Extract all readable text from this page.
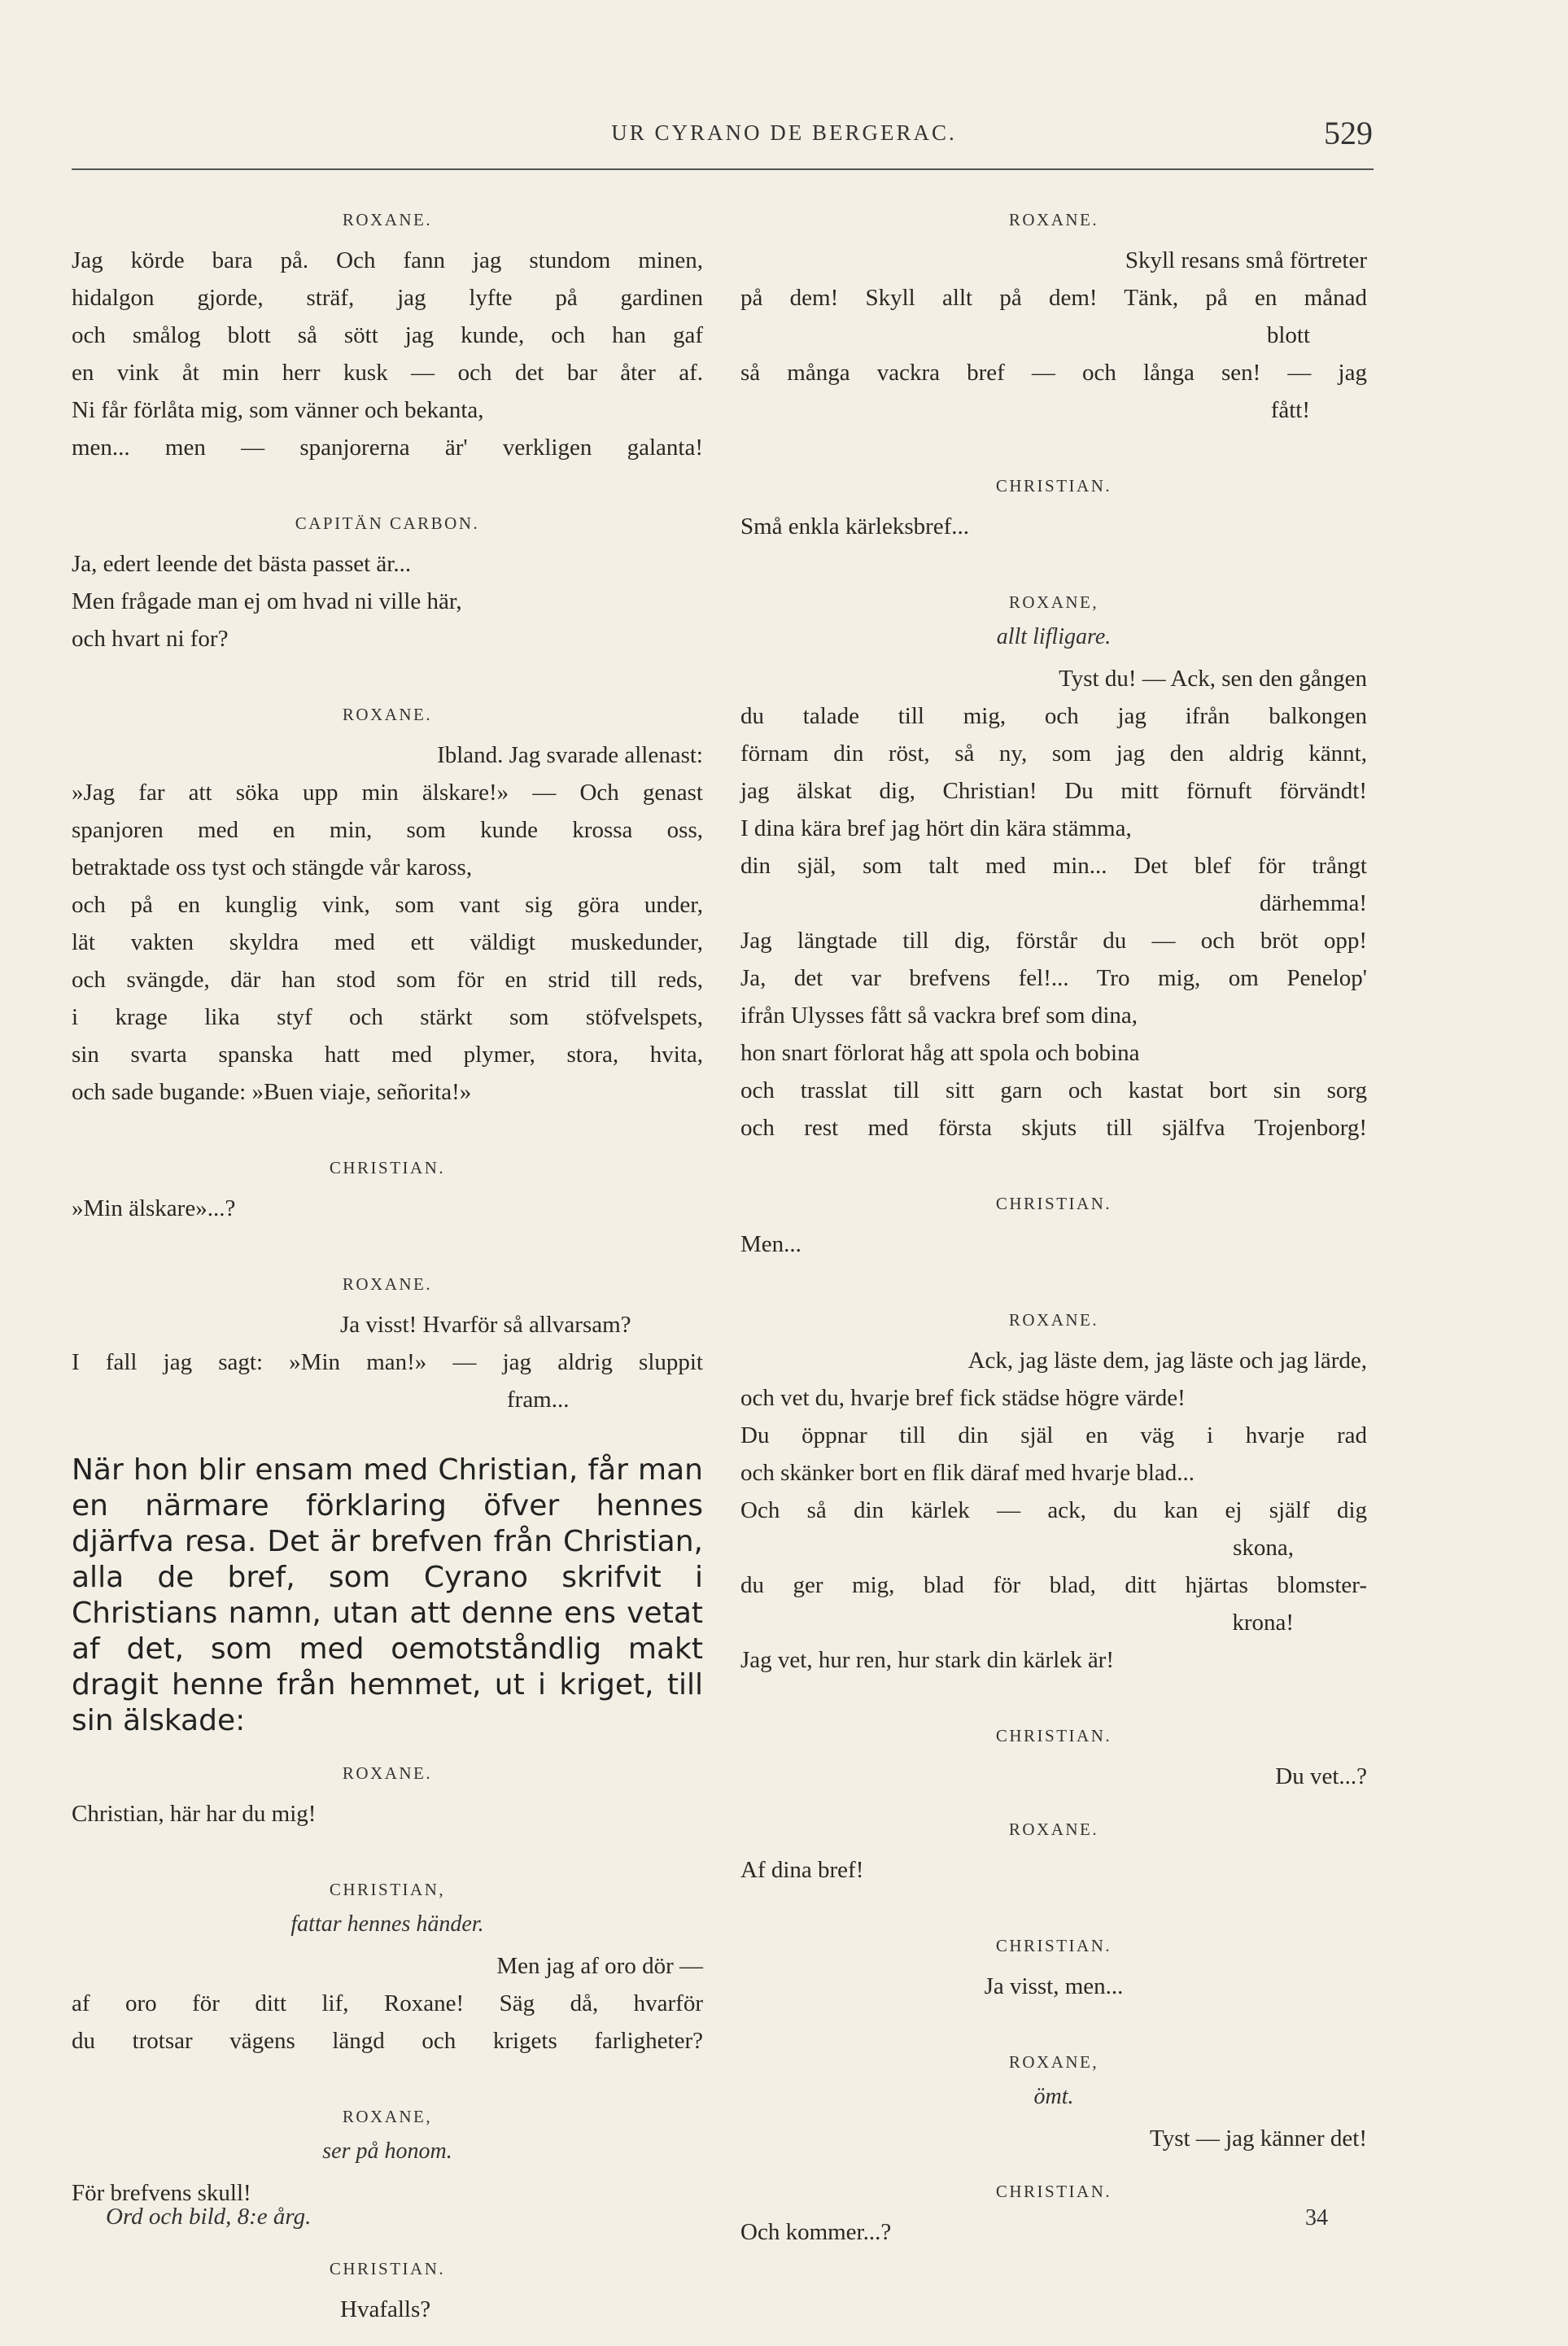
UR CYRANO DE BERGERAC.	529
ROXANE.
Jag körde bara på. Och fann jag stundom minen,
hidalgon gjorde, sträf, jag lyfte på gardinen
och smålog blott så sött jag kunde, och han gaf
en vink åt min herr kusk — och det bar åter af.
Ni får förlåta mig, som vänner och bekanta,
men... men — spanjorerna är' verkligen galanta!
CAPITÄN CARBON.
Ja, edert leende det bästa passet är...
Men frågade man ej om hvad ni ville här,
och hvart ni for?
ROXANE.
Ibland. Jag svarade allenast:
»Jag far att söka upp min älskare!» — Och genast
spanjoren med en min, som kunde krossa oss,
betraktade oss tyst och stängde vår kaross,
och på en kunglig vink, som vant sig göra under,
lät vakten skyldra med ett väldigt muskedunder,
och svängde, där han stod som för en strid till reds,
i krage lika styf och stärkt som stöfvelspets,
sin svarta spanska hatt med plymer, stora, hvita,
och sade bugande: »Buen viaje, señorita!»
CHRISTIAN.
»Min älskare»...?
ROXANE.
Ja visst! Hvarför så allvarsam?
I fall jag sagt: »Min man!» — jag aldrig sluppit
fram...
När hon blir ensam med Christian, får man en närmare förklaring öfver hennes djärfva resa. Det är brefven från Christian, alla de bref, som Cyrano skrifvit i Christians namn, utan att denne ens vetat af det, som med oemotståndlig makt dragit henne från hemmet, ut i kriget, till sin älskade:
ROXANE.
Christian, här har du mig!
CHRISTIAN,
fattar hennes händer.
Men jag af oro dör —
af oro för ditt lif, Roxane! Säg då, hvarför
du trotsar vägens längd och krigets farligheter?
ROXANE,
ser på honom.
För brefvens skull!
CHRISTIAN.
Hvafalls?
ROXANE.
Skyll resans små förtreter
på dem! Skyll allt på dem! Tänk, på en månad
blott
så många vackra bref — och långa sen! — jag
fått!
CHRISTIAN.
Små enkla kärleksbref...
ROXANE,
allt lifligare.
Tyst du! — Ack, sen den gången
du talade till mig, och jag ifrån balkongen
förnam din röst, så ny, som jag den aldrig kännt,
jag älskat dig, Christian! Du mitt förnuft förvändt!
I dina kära bref jag hört din kära stämma,
din själ, som talt med min... Det blef för trångt
därhemma!
Jag längtade till dig, förstår du — och bröt opp!
Ja, det var brefvens fel!... Tro mig, om Penelop'
ifrån Ulysses fått så vackra bref som dina,
hon snart förlorat håg att spola och bobina
och trasslat till sitt garn och kastat bort sin sorg
och rest med första skjuts till själfva Trojenborg!
CHRISTIAN.
Men...
ROXANE.
Ack, jag läste dem, jag läste och jag lärde,
och vet du, hvarje bref fick städse högre värde!
Du öppnar till din själ en väg i hvarje rad
och skänker bort en flik däraf med hvarje blad...
Och så din kärlek — ack, du kan ej själf dig
skona,
du ger mig, blad för blad, ditt hjärtas blomster-
krona!
Jag vet, hur ren, hur stark din kärlek är!
CHRISTIAN.
Du vet...?
ROXANE.
Af dina bref!
CHRISTIAN.
Ja visst, men...
ROXANE,
ömt.
Tyst — jag känner det!
CHRISTIAN.
Och kommer...?
Ord och bild, 8:e årg.	34
